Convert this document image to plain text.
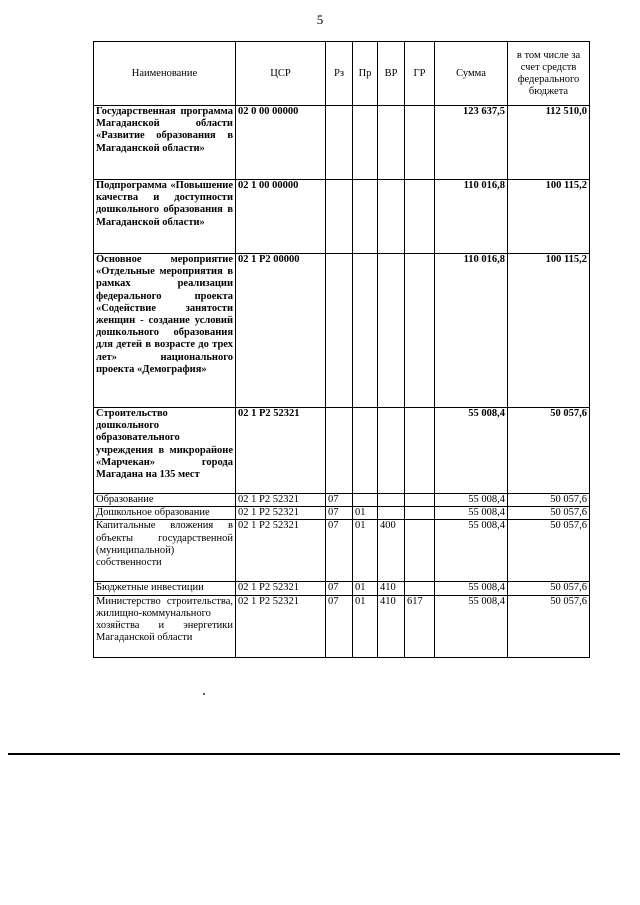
5
Наименование	ЦСР	Рз	Пр	ВР	ГР	Сумма	в том числе за счет средств федерального бюджета
Государственная программа Магаданской области «Развитие образования в Магаданской области»	02 0 00 00000					123 637,5	112 510,0
Подпрограмма «Повышение качества и доступности дошкольного образования в Магаданской области»	02 1 00 00000					110 016,8	100 115,2
Основное мероприятие «Отдельные мероприятия в рамках реализации федерального проекта «Содействие занятости женщин - создание условий дошкольного образования для детей в возрасте до трех лет» национального проекта «Демография»	02 1 P2 00000					110 016,8	100 115,2
Строительство дошкольного образовательного учреждения в микрорайоне «Марчекан» города Магадана на 135 мест	02 1 P2 52321					55 008,4	50 057,6
Образование	02 1 P2 52321	07				55 008,4	50 057,6
Дошкольное образование	02 1 P2 52321	07	01			55 008,4	50 057,6
Капитальные вложения в объекты государственной (муниципальной) собственности	02 1 P2 52321	07	01	400		55 008,4	50 057,6
Бюджетные инвестиции	02 1 P2 52321	07	01	410		55 008,4	50 057,6
Министерство строительства, жилищно-коммунального хозяйства и энергетики Магаданской области	02 1 P2 52321	07	01	410	617	55 008,4	50 057,6
